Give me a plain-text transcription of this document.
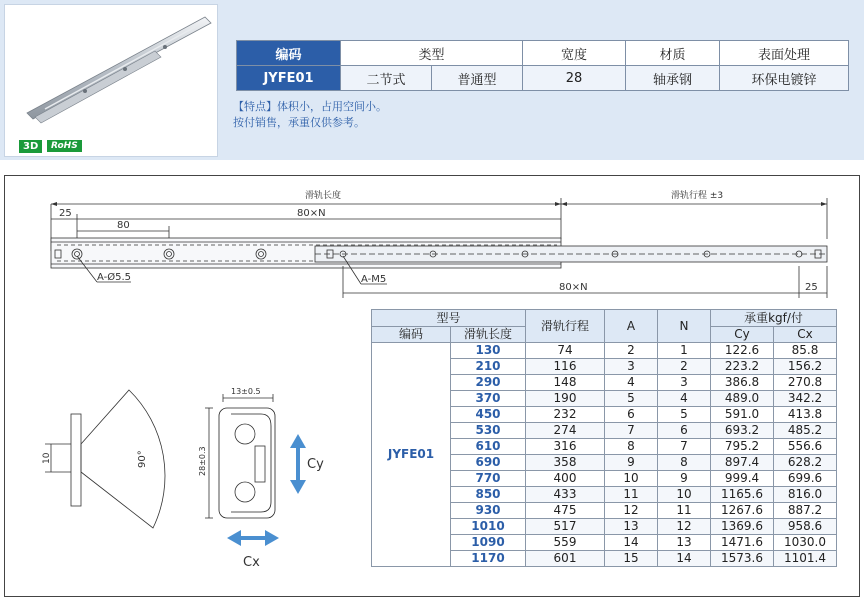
3D	RoHS
编码	类型		宽度	材质	表面处理
JYFE01	二节式	普通型	28	轴承钢	环保电镀锌
【特点】体积小，占用空间小。
按付销售，承重仅供参考。
滑轨长度	滑轨行程 ±3
25
80
80×N
A-Ø5.5	A-M5
80×N	25
10	90°
13±0.5
28±0.3	Cy
Cx
型号		滑轨行程	A	N	承重kgf/付	
编码	滑轨长度				Cy	Cx
JYFE01	130	74	2	1	122.6	85.8
	210	116	3	2	223.2	156.2
	290	148	4	3	386.8	270.8
	370	190	5	4	489.0	342.2
	450	232	6	5	591.0	413.8
	530	274	7	6	693.2	485.2
	610	316	8	7	795.2	556.6
	690	358	9	8	897.4	628.2
	770	400	10	9	999.4	699.6
	850	433	11	10	1165.6	816.0
	930	475	12	11	1267.6	887.2
	1010	517	13	12	1369.6	958.6
	1090	559	14	13	1471.6	1030.0
	1170	601	15	14	1573.6	1101.4
